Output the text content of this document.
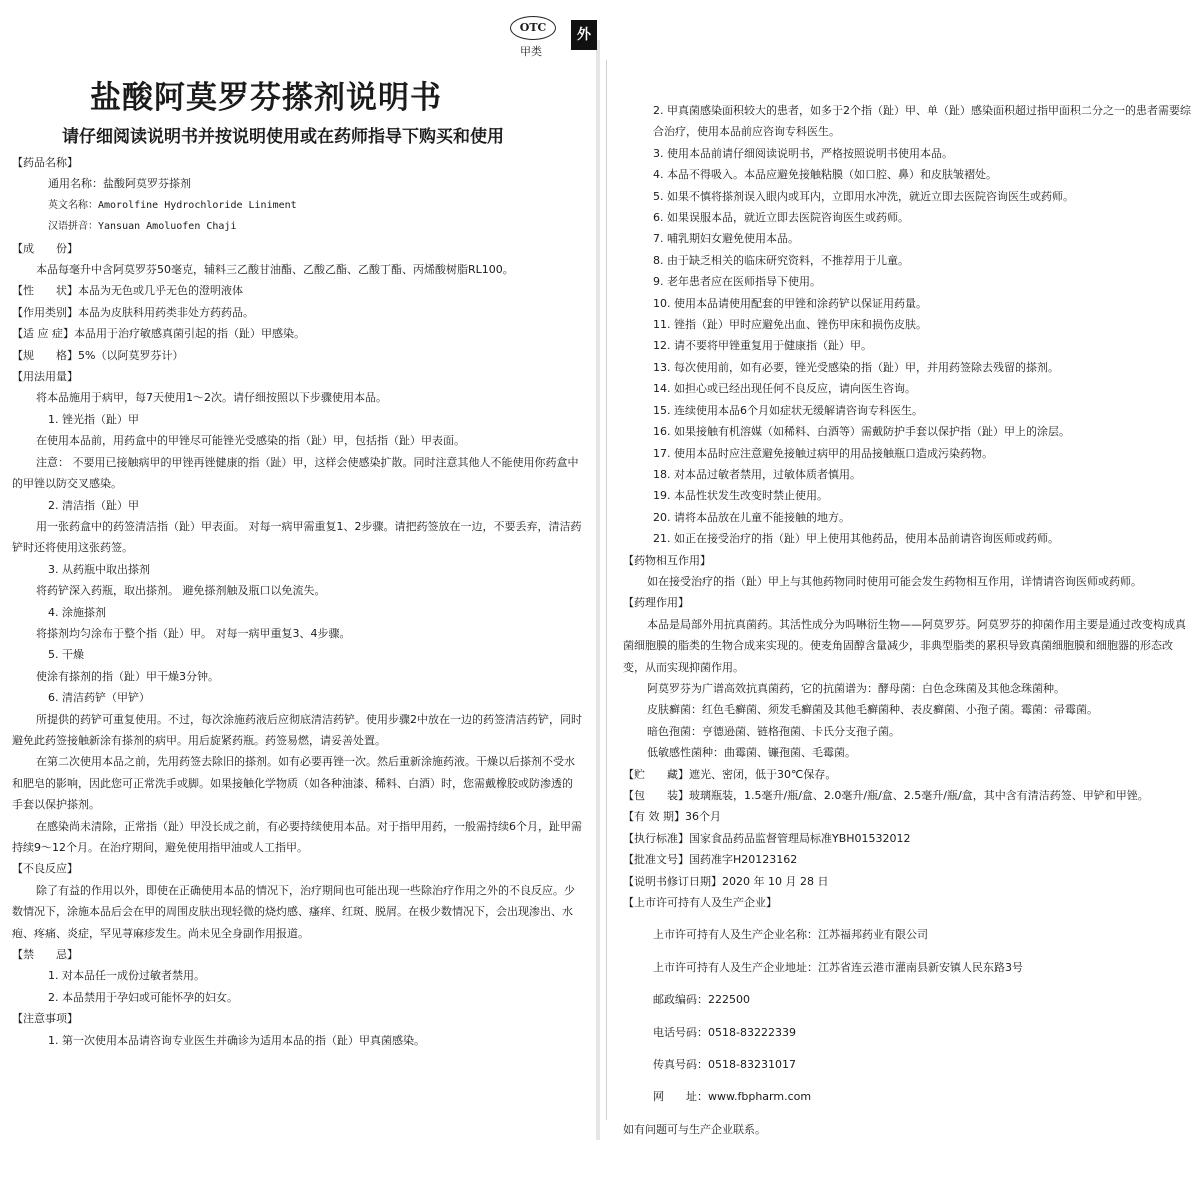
OTC
甲类
外
盐酸阿莫罗芬搽剂说明书
请仔细阅读说明书并按说明使用或在药师指导下购买和使用

【药品名称】

通用名称：盐酸阿莫罗芬搽剂

英文名称：Amorolfine Hydrochloride Liniment

汉语拼音：Yansuan Amoluofen Chaji

【成　　份】

本品每毫升中含阿莫罗芬50毫克，辅料三乙酸甘油酯、乙酸乙酯、乙酸丁酯、丙烯酸树脂RL100。

【性　　状】本品为无色或几乎无色的澄明液体

【作用类别】本品为皮肤科用药类非处方药药品。

【适 应 症】本品用于治疗敏感真菌引起的指（趾）甲感染。

【规　　格】5%（以阿莫罗芬计）

【用法用量】

将本品施用于病甲，每7天使用1～2次。请仔细按照以下步骤使用本品。

1. 锉光指（趾）甲

在使用本品前，用药盒中的甲锉尽可能锉光受感染的指（趾）甲，包括指（趾）甲表面。

注意： 不要用已接触病甲的甲锉再锉健康的指（趾）甲，这样会使感染扩散。同时注意其他人不能使用你药盒中的甲锉以防交叉感染。

2. 清洁指（趾）甲

用一张药盒中的药签清洁指（趾）甲表面。 对每一病甲需重复1、2步骤。请把药签放在一边，不要丢弃，清洁药铲时还将使用这张药签。

3. 从药瓶中取出搽剂

将药铲深入药瓶，取出搽剂。 避免搽剂触及瓶口以免流失。

4. 涂施搽剂

将搽剂均匀涂布于整个指（趾）甲。 对每一病甲重复3、4步骤。

5. 干燥

使涂有搽剂的指（趾）甲干燥3分钟。

6. 清洁药铲（甲铲）

所提供的药铲可重复使用。不过，每次涂施药液后应彻底清洁药铲。使用步骤2中放在一边的药签清洁药铲，同时避免此药签接触新涂有搽剂的病甲。用后旋紧药瓶。药签易燃，请妥善处置。

在第二次使用本品之前，先用药签去除旧的搽剂。如有必要再锉一次。然后重新涂施药液。干燥以后搽剂不受水和肥皂的影响，因此您可正常洗手或脚。如果接触化学物质（如各种油漆、稀料、白酒）时，您需戴橡胶或防渗透的手套以保护搽剂。

在感染尚未清除，正常指（趾）甲没长成之前，有必要持续使用本品。对于指甲用药，一般需持续6个月，趾甲需持续9～12个月。在治疗期间，避免使用指甲油或人工指甲。

【不良反应】

除了有益的作用以外，即使在正确使用本品的情况下，治疗期间也可能出现一些除治疗作用之外的不良反应。少数情况下，涂施本品后会在甲的周围皮肤出现轻微的烧灼感、瘙痒、红斑、脱屑。在极少数情况下，会出现渗出、水疱、疼痛、炎症，罕见荨麻疹发生。尚未见全身副作用报道。

【禁　　忌】

1. 对本品任一成份过敏者禁用。

2. 本品禁用于孕妇或可能怀孕的妇女。

【注意事项】

1. 第一次使用本品请咨询专业医生并确诊为适用本品的指（趾）甲真菌感染。

2. 甲真菌感染面积较大的患者，如多于2个指（趾）甲、单（趾）感染面积超过指甲面积二分之一的患者需要综合治疗，使用本品前应咨询专科医生。

3. 使用本品前请仔细阅读说明书，严格按照说明书使用本品。

4. 本品不得吸入。本品应避免接触粘膜（如口腔、鼻）和皮肤皱褶处。

5. 如果不慎将搽剂误入眼内或耳内，立即用水冲洗，就近立即去医院咨询医生或药师。

6. 如果误服本品，就近立即去医院咨询医生或药师。

7. 哺乳期妇女避免使用本品。

8. 由于缺乏相关的临床研究资料，不推荐用于儿童。

9. 老年患者应在医师指导下使用。

10. 使用本品请使用配套的甲锉和涂药铲以保证用药量。

11. 锉指（趾）甲时应避免出血、锉伤甲床和损伤皮肤。

12. 请不要将甲锉重复用于健康指（趾）甲。

13. 每次使用前，如有必要，锉光受感染的指（趾）甲，并用药签除去残留的搽剂。

14. 如担心或已经出现任何不良反应，请向医生咨询。

15. 连续使用本品6个月如症状无缓解请咨询专科医生。

16. 如果接触有机溶媒（如稀料、白酒等）需戴防护手套以保护指（趾）甲上的涂层。

17. 使用本品时应注意避免接触过病甲的用品接触瓶口造成污染药物。

18. 对本品过敏者禁用，过敏体质者慎用。

19. 本品性状发生改变时禁止使用。

20. 请将本品放在儿童不能接触的地方。

21. 如正在接受治疗的指（趾）甲上使用其他药品，使用本品前请咨询医师或药师。

【药物相互作用】

如在接受治疗的指（趾）甲上与其他药物同时使用可能会发生药物相互作用，详情请咨询医师或药师。

【药理作用】

本品是局部外用抗真菌药。其活性成分为吗啉衍生物——阿莫罗芬。阿莫罗芬的抑菌作用主要是通过改变构成真菌细胞膜的脂类的生物合成来实现的。使麦角固醇含量减少，非典型脂类的累积导致真菌细胞膜和细胞器的形态改变，从而实现抑菌作用。

阿莫罗芬为广谱高效抗真菌药，它的抗菌谱为：酵母菌：白色念珠菌及其他念珠菌种。

皮肤癣菌：红色毛癣菌、须发毛癣菌及其他毛癣菌种、表皮癣菌、小孢子菌。霉菌：帚霉菌。

暗色孢菌：亨德逊菌、链格孢菌、卡氏分支孢子菌。

低敏感性菌种：曲霉菌、镰孢菌、毛霉菌。

【贮　　藏】遮光、密闭，低于30℃保存。

【包　　装】玻璃瓶装，1.5毫升/瓶/盒、2.0毫升/瓶/盒、2.5毫升/瓶/盒，其中含有清洁药签、甲铲和甲锉。

【有 效 期】36个月

【执行标准】国家食品药品监督管理局标准YBH01532012

【批准文号】国药准字H20123162

【说明书修订日期】2020 年 10 月 28 日

【上市许可持有人及生产企业】

上市许可持有人及生产企业名称：江苏福邦药业有限公司

上市许可持有人及生产企业地址：江苏省连云港市灌南县新安镇人民东路3号

邮政编码：222500

电话号码：0518-83222339

传真号码：0518-83231017

网　　址：www.fbpharm.com

如有问题可与生产企业联系。
